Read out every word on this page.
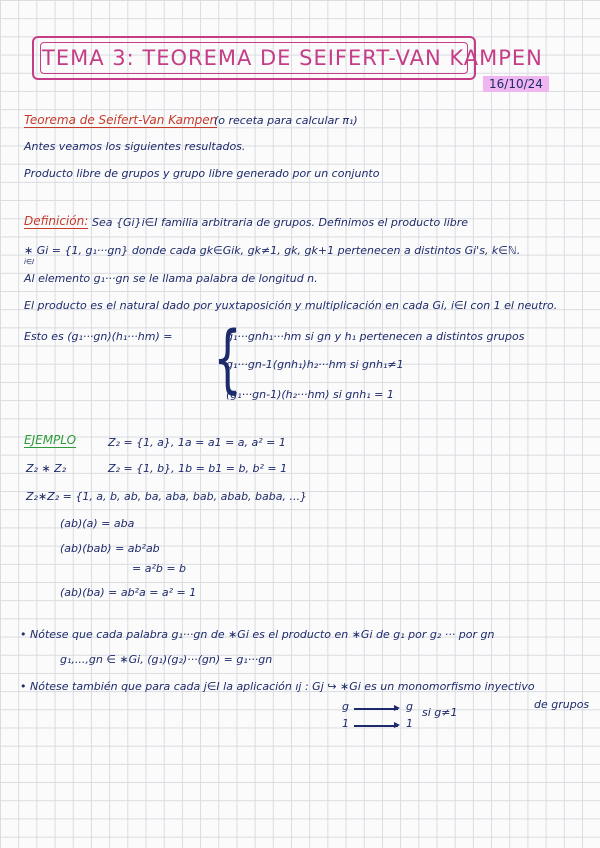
TEMA 3: TEOREMA DE SEIFERT-VAN KAMPEN
16/10/24
Teorema de Seifert-Van Kampen
(o receta para calcular π₁)
Antes veamos los siguientes resultados.
Producto libre de grupos y grupo libre generado por un conjunto
Definición: Sea {Gi}i∈I familia arbitraria de grupos. Definimos el producto libre
∗ Gi = {1, g₁···gn} donde cada gk∈Gik, gk≠1, gk, gk+1 pertenecen a distintos Gi's, k∈ℕ.
i∈I
Al elemento g₁···gn se le llama palabra de longitud n.
El producto es el natural dado por yuxtaposición y multiplicación en cada Gi, i∈I con 1 el neutro.
Esto es (g₁···gn)(h₁···hm) = {
g₁···gnh₁···hm si gn y h₁ pertenecen a distintos grupos
g₁···gn-1(gnh₁)h₂···hm si gnh₁≠1
(g₁···gn-1)(h₂···hm) si gnh₁ = 1
EJEMPLO	Z₂ = {1, a}, 1a = a1 = a, a² = 1
Z₂ ∗ Z₂	Z₂ = {1, b}, 1b = b1 = b, b² = 1
Z₂∗Z₂ = {1, a, b, ab, ba, aba, bab, abab, baba, ...}
(ab)(a) = aba
(ab)(bab) = ab²ab
= a²b = b
(ab)(ba) = ab²a = a² = 1
• Nótese que cada palabra g₁···gn de ∗Gi es el producto en ∗Gi de g₁ por g₂ ··· por gn
g₁,...,gn ∈ ∗Gi, (g₁)(g₂)···(gn) = g₁···gn
• Nótese también que para cada j∈I la aplicación ıj : Gj ↪ ∗Gi es un monomorfismo inyectivo
de grupos
g	g si g≠1
1	1
